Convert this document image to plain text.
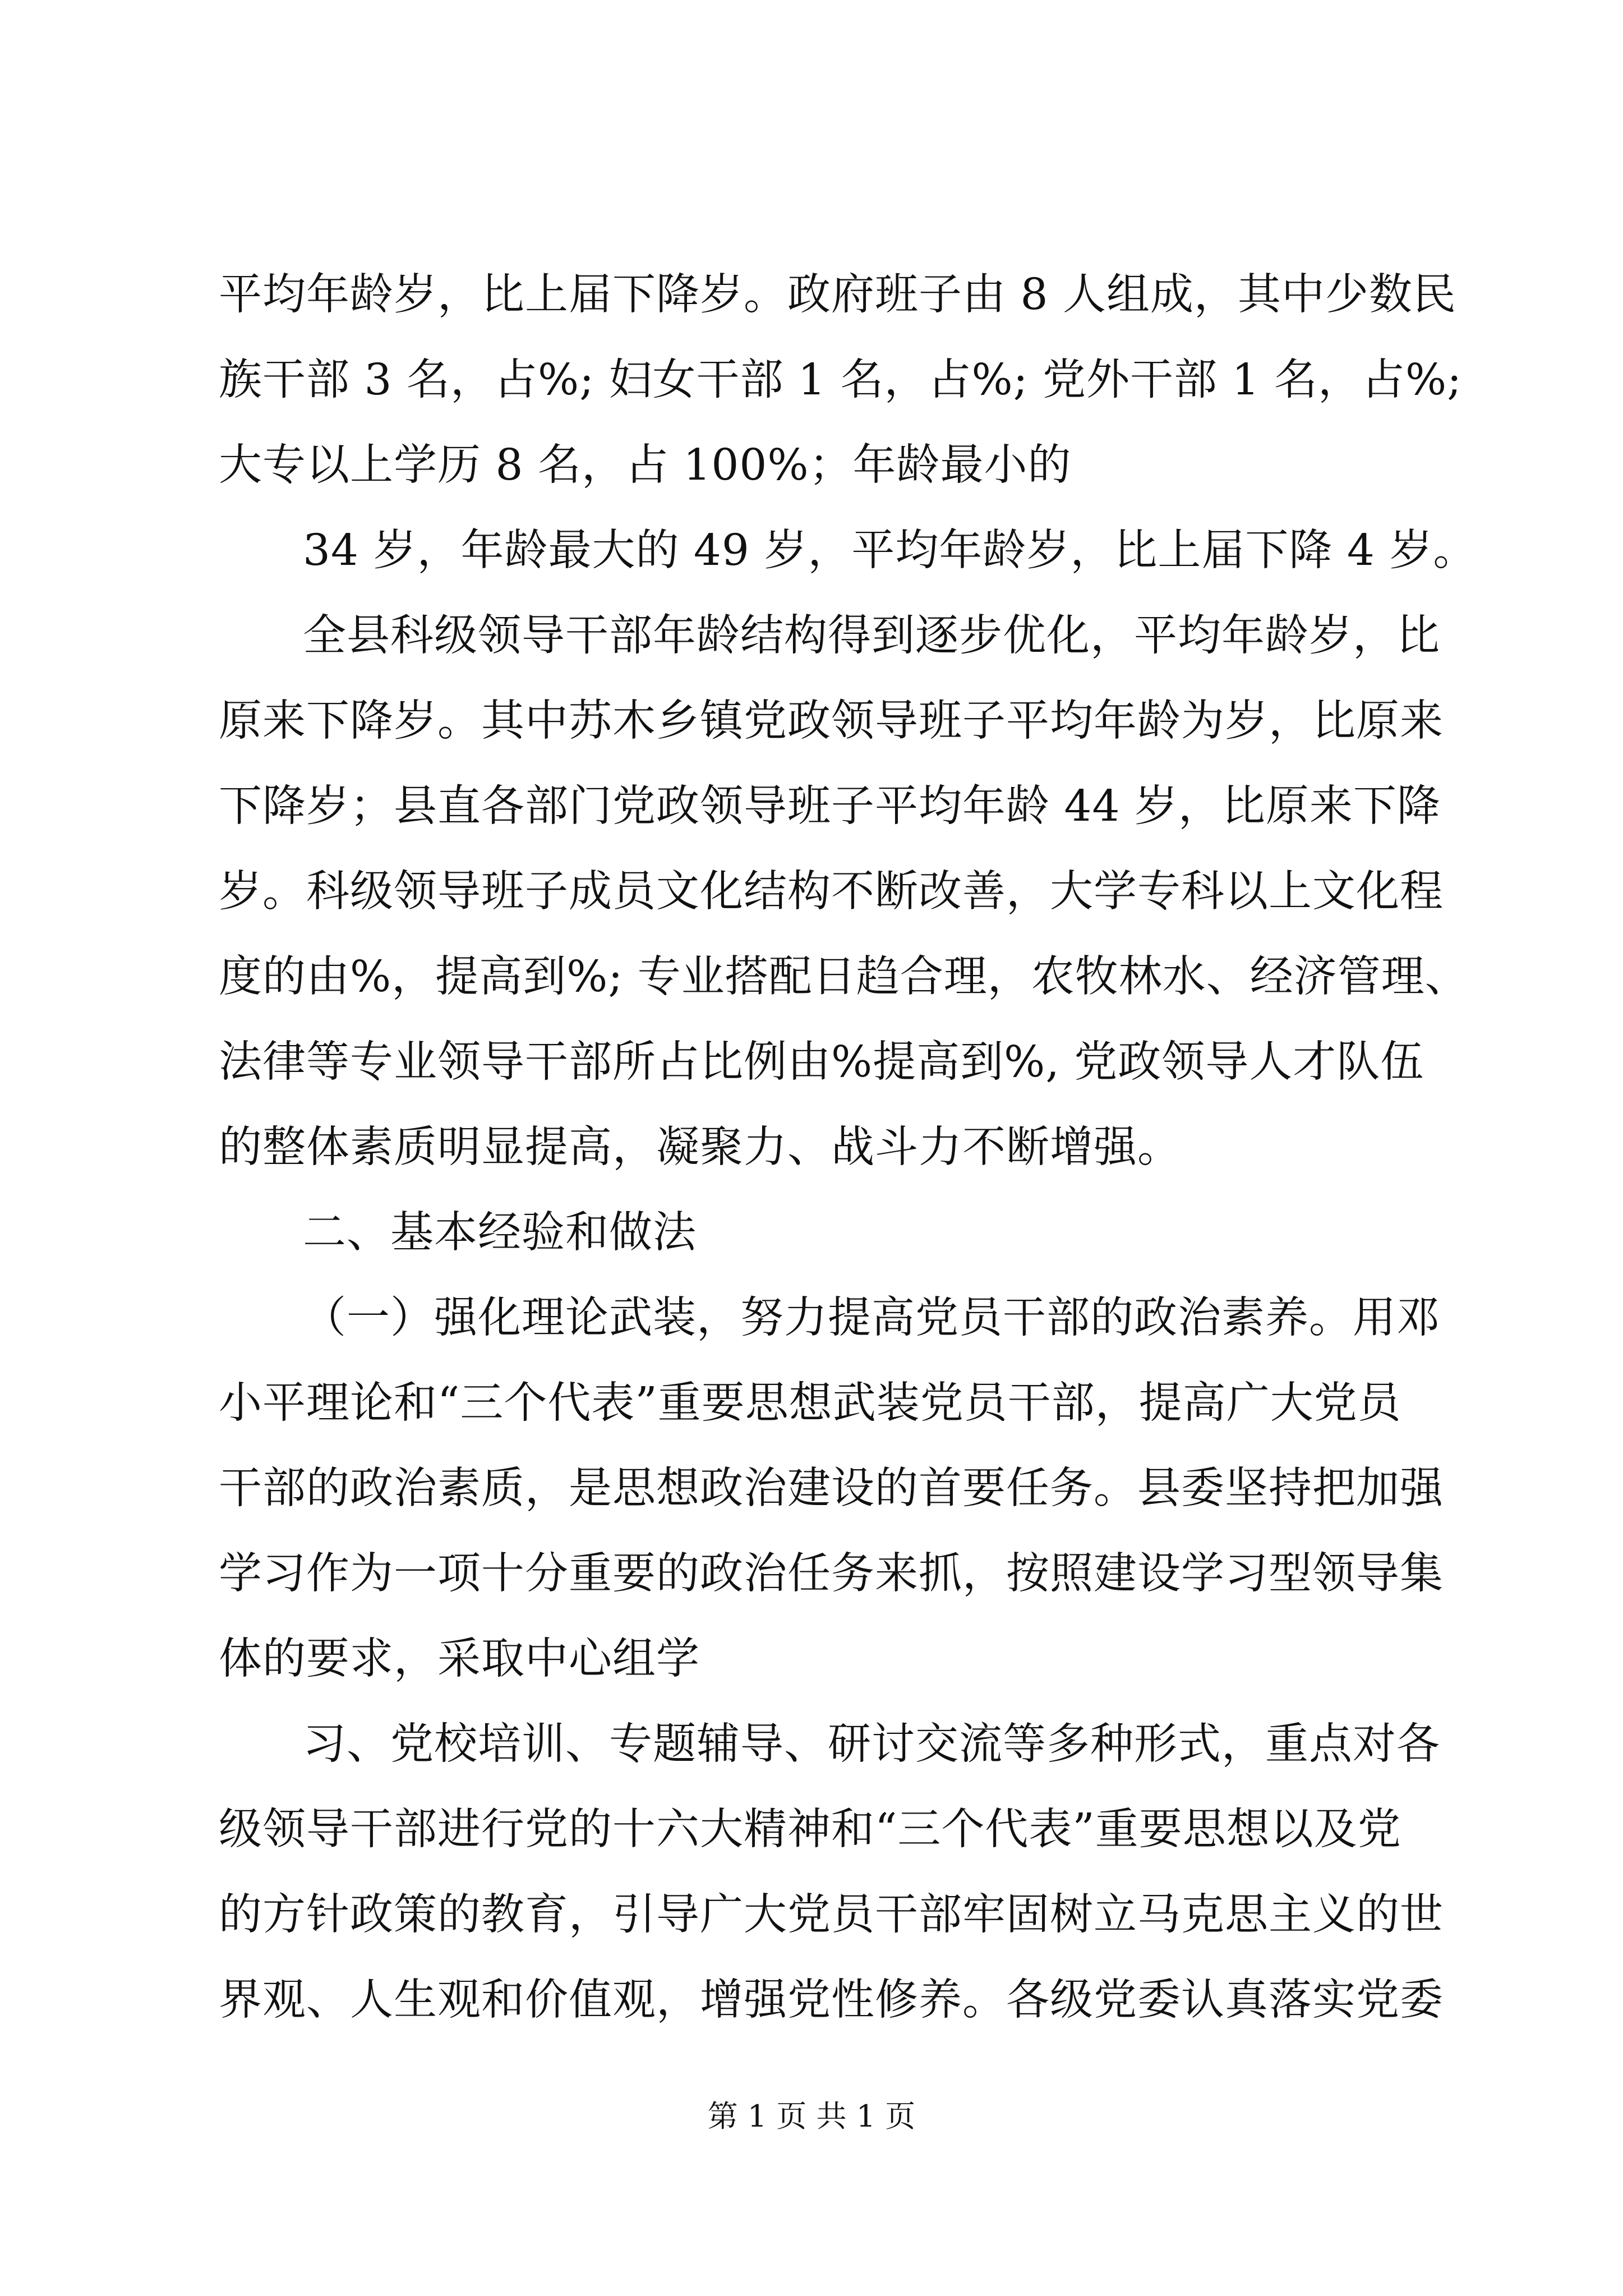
平均年龄岁，比上届下降岁。政府班子由 8 人组成，其中少数民
族干部 3 名，占%; 妇女干部 1 名，占%; 党外干部 1 名，占%;
大专以上学历 8 名，占 100%；年龄最小的
34 岁，年龄最大的 49 岁，平均年龄岁，比上届下降 4 岁。
全县科级领导干部年龄结构得到逐步优化，平均年龄岁，比
原来下降岁。其中苏木乡镇党政领导班子平均年龄为岁，比原来
下降岁；县直各部门党政领导班子平均年龄 44 岁，比原来下降
岁。科级领导班子成员文化结构不断改善，大学专科以上文化程
度的由%，提高到%; 专业搭配日趋合理，农牧林水、经济管理、
法律等专业领导干部所占比例由%提高到%, 党政领导人才队伍
的整体素质明显提高，凝聚力、战斗力不断增强。
二、基本经验和做法
（一）强化理论武装，努力提高党员干部的政治素养。用邓
小平理论和“三个代表”重要思想武装党员干部，提高广大党员
干部的政治素质，是思想政治建设的首要任务。县委坚持把加强
学习作为一项十分重要的政治任务来抓，按照建设学习型领导集
体的要求，采取中心组学
习、党校培训、专题辅导、研讨交流等多种形式，重点对各
级领导干部进行党的十六大精神和“三个代表”重要思想以及党
的方针政策的教育，引导广大党员干部牢固树立马克思主义的世
界观、人生观和价值观，增强党性修养。各级党委认真落实党委
第 1 页 共 1 页
